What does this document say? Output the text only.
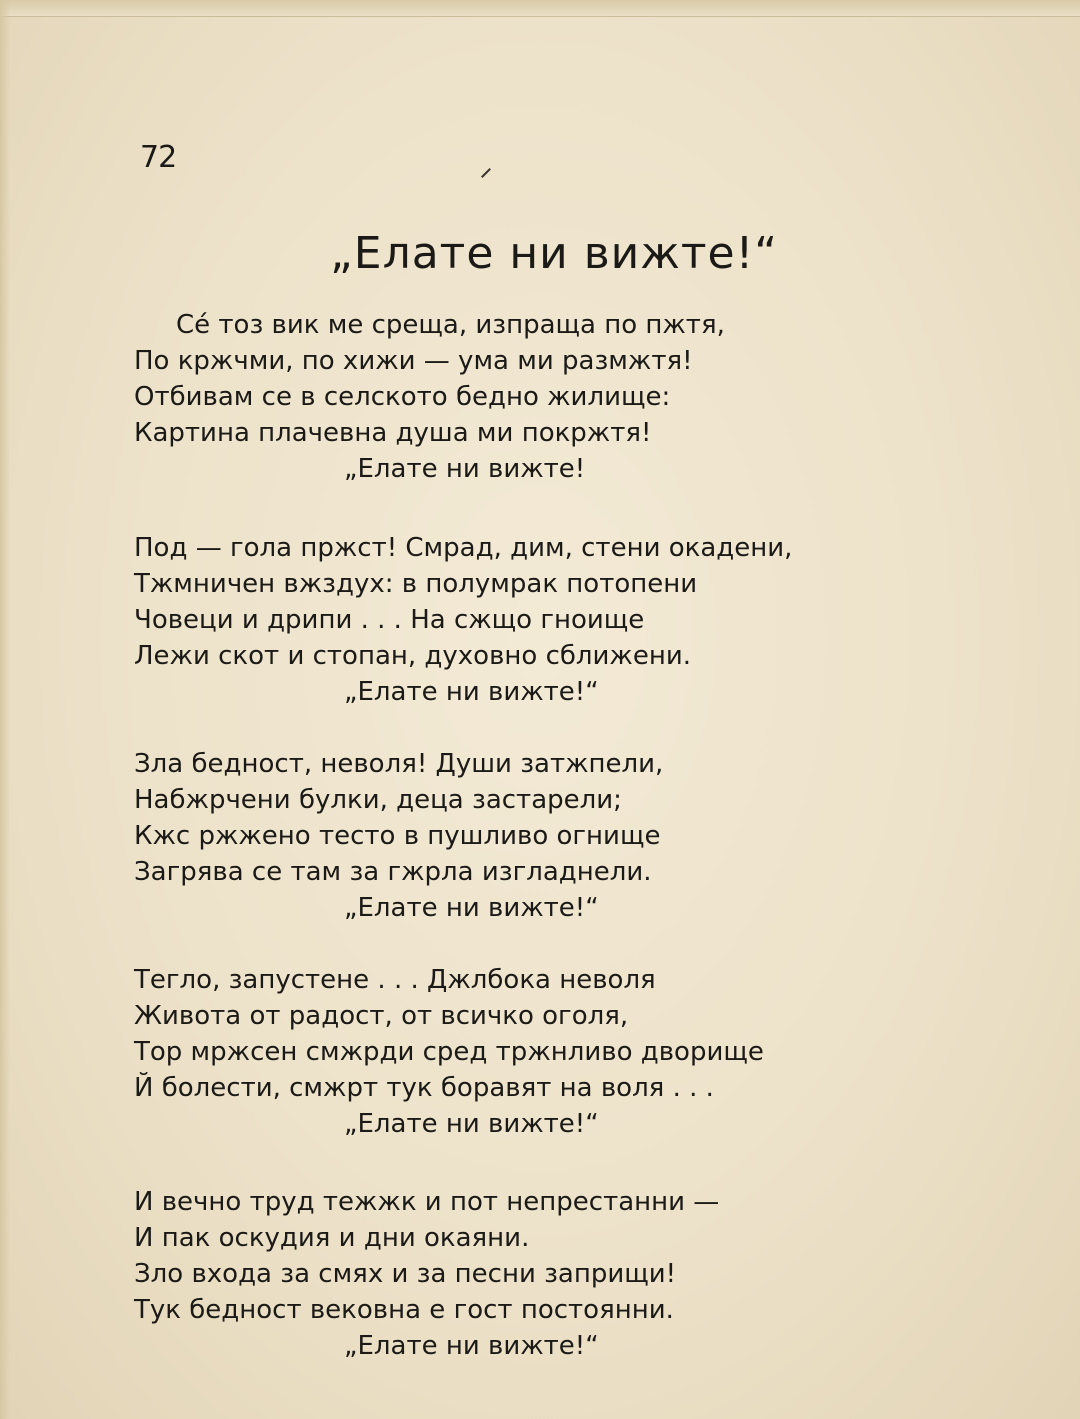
72
„Елате ни вижте!“
Сé тоз вик ме среща, изпраща по пжтя,
По кржчми, по хижи — ума ми размжтя!
Отбивам се в селското бедно жилище:
Картина плачевна душа ми покржтя!
„Елате ни вижте!
Под — гола пржст! Смрад, дим, стени окадени,
Тжмничен вжздух: в полумрак потопени
Човеци и дрипи . . . На сжщо гноище
Лежи скот и стопан, духовно сближени.
„Елате ни вижте!“
Зла бедност, неволя! Души затжпели,
Набжрчени булки, деца застарели;
Кжс ржжено тесто в пушливо огнище
Загрява се там за гжрла изгладнели.
„Елате ни вижте!“
Тегло, запустене . . . Джлбока неволя
Живота от радост, от всичко оголя,
Тор мржсен смжрди сред тржнливо дворище
Й болести, смжрт тук боравят на воля . . .
„Елате ни вижте!“
И вечно труд тежжк и пот непрестанни —
И пак оскудия и дни окаяни.
Зло входа за смях и за песни заприщи!
Тук бедност вековна е гост постоянни.
„Елате ни вижте!“
